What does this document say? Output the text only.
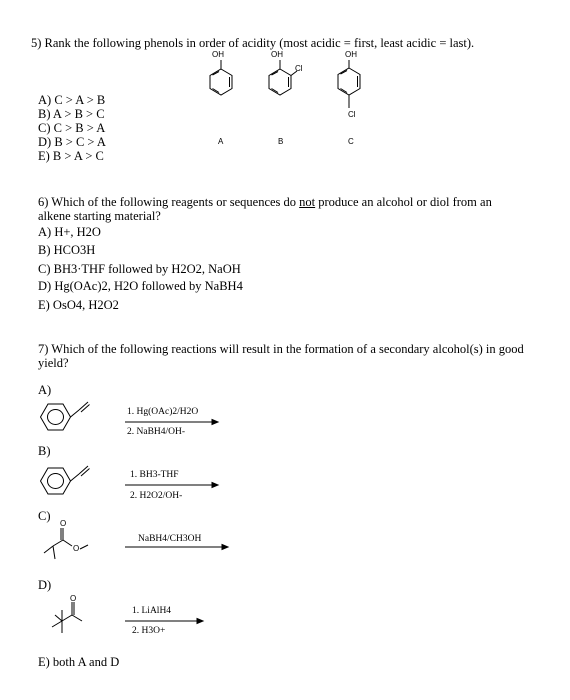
5) Rank the following phenols in order of acidity (most acidic = first, least acidic = last).
A) C > A > B
B) A > B > C
C) C > B > A
D) B > C > A
E) B > A > C
OH	OH
Cl
OH
Cl
A	B	C
O
O
O
6) Which of the following reagents or sequences do not produce an alcohol or diol from an
alkene starting material?
A) H+, H2O
B) HCO3H
C) BH3·THF followed by H2O2, NaOH
D) Hg(OAc)2, H2O followed by NaBH4
E) OsO4, H2O2
7) Which of the following reactions will result in the formation of a secondary alcohol(s) in good
yield?
A)
1. Hg(OAc)2/H2O
2. NaBH4/OH-
B)
1. BH3-THF
2. H2O2/OH-
C)
NaBH4/CH3OH
D)
1. LiAlH4
2. H3O+
E) both A and D
